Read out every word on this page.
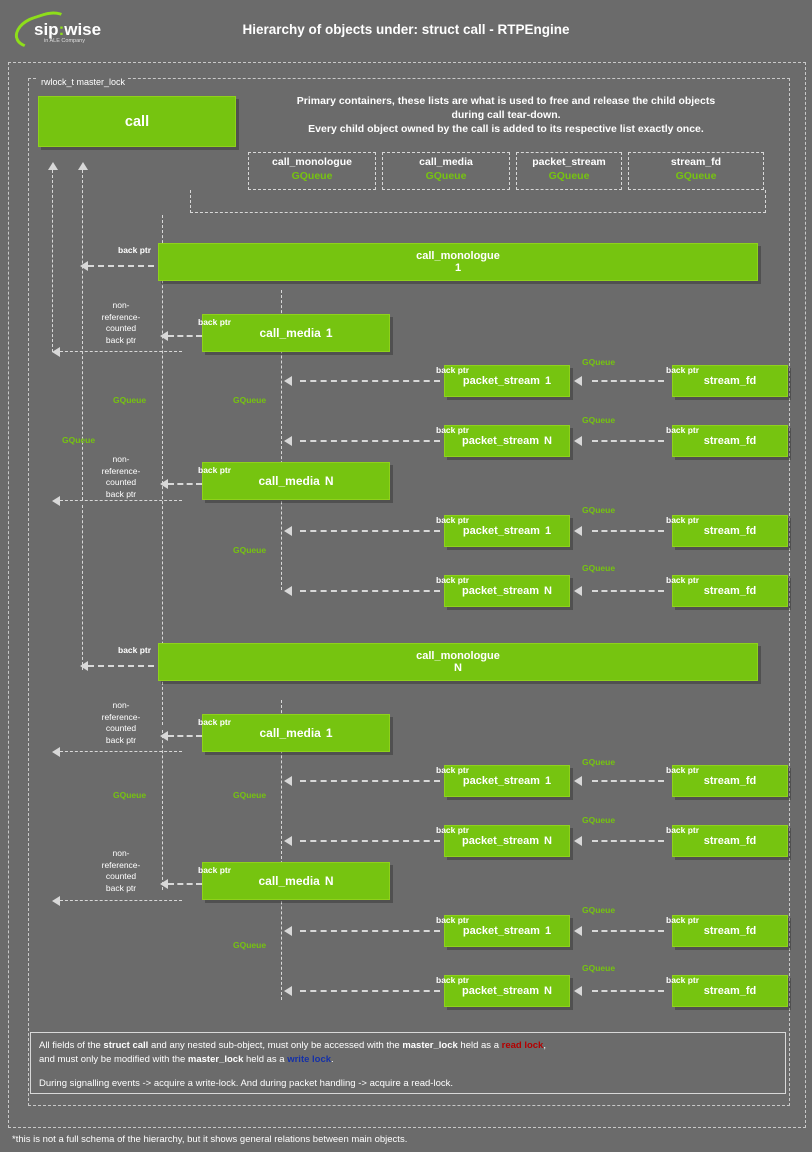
sip:wise
in ALE Company
Hierarchy of objects under: struct call - RTPEngine
rwlock_t master_lock
call
Primary containers, these lists are what is used to free and release the child objects
during call tear-down.
Every child object owned by the call is added to its respective list exactly once.
call_monologue
GQueue
call_media
GQueue
packet_stream
GQueue
stream_fd
GQueue
call_monologue
1
back ptr
call_media 1
back ptr
non-
reference-
counted
back ptr
GQueue
GQueue	GQueue
GQueue
packet_stream 1
back ptr
stream_fd
back ptr
GQueue
packet_stream N
back ptr
stream_fd
back ptr
GQueue
call_media N
back ptr
non-
reference-
counted
back ptr
packet_stream 1
back ptr
stream_fd
back ptr
GQueue
packet_stream N
back ptr
stream_fd
back ptr
GQueue
call_monologue
N
back ptr
call_media 1
back ptr
non-
reference-
counted
back ptr
GQueue	GQueue
GQueue
packet_stream 1
back ptr
stream_fd
back ptr
GQueue
packet_stream N
back ptr
stream_fd
back ptr
GQueue
call_media N
back ptr
non-
reference-
counted
back ptr
packet_stream 1
back ptr
stream_fd
back ptr
GQueue
packet_stream N
back ptr
stream_fd
back ptr
GQueue
All fields of the struct call and any nested sub-object, must only be accessed with the master_lock held as a read lock,
and must only be modified with the master_lock held as a write lock.
During signalling events -> acquire a write-lock. And during packet handling -> acquire a read-lock.
*this is not a full schema of the hierarchy, but it shows general relations between main objects.
